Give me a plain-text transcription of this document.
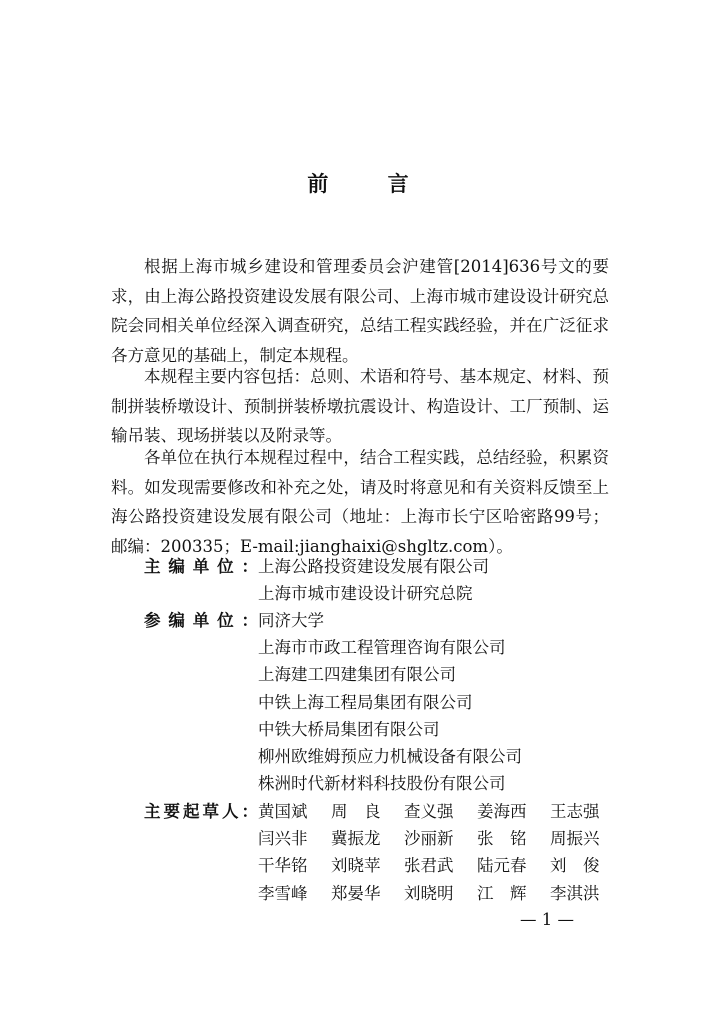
前 言

根据上海市城乡建设和管理委员会沪建管[2014]636号文的要求，由上海公路投资建设发展有限公司、上海市城市建设设计研究总院会同相关单位经深入调查研究，总结工程实践经验，并在广泛征求各方意见的基础上，制定本规程。

本规程主要内容包括：总则、术语和符号、基本规定、材料、预制拼装桥墩设计、预制拼装桥墩抗震设计、构造设计、工厂预制、运输吊装、现场拼装以及附录等。

各单位在执行本规程过程中，结合工程实践，总结经验，积累资料。如发现需要修改和补充之处，请及时将意见和有关资料反馈至上海公路投资建设发展有限公司（地址：上海市长宁区哈密路99号；邮编：200335；E-mail:jianghaixi@shgltz.com）。

主 编 单 位 ： 上海公路投资建设发展有限公司
上海市城市建设设计研究总院
参 编 单 位 ： 同济大学
上海市市政工程管理咨询有限公司
上海建工四建集团有限公司
中铁上海工程局集团有限公司
中铁大桥局集团有限公司
柳州欧维姆预应力机械设备有限公司
株洲时代新材料科技股份有限公司
主 要 起 草 人 ： 黄国斌	周　良	查义强	姜海西	王志强
闫兴非	冀振龙	沙丽新	张　铭	周振兴
干华铭	刘晓苹	张君武	陆元春	刘　俊
李雪峰	郑晏华	刘晓明	江　辉	李淇洪
— 1 —
